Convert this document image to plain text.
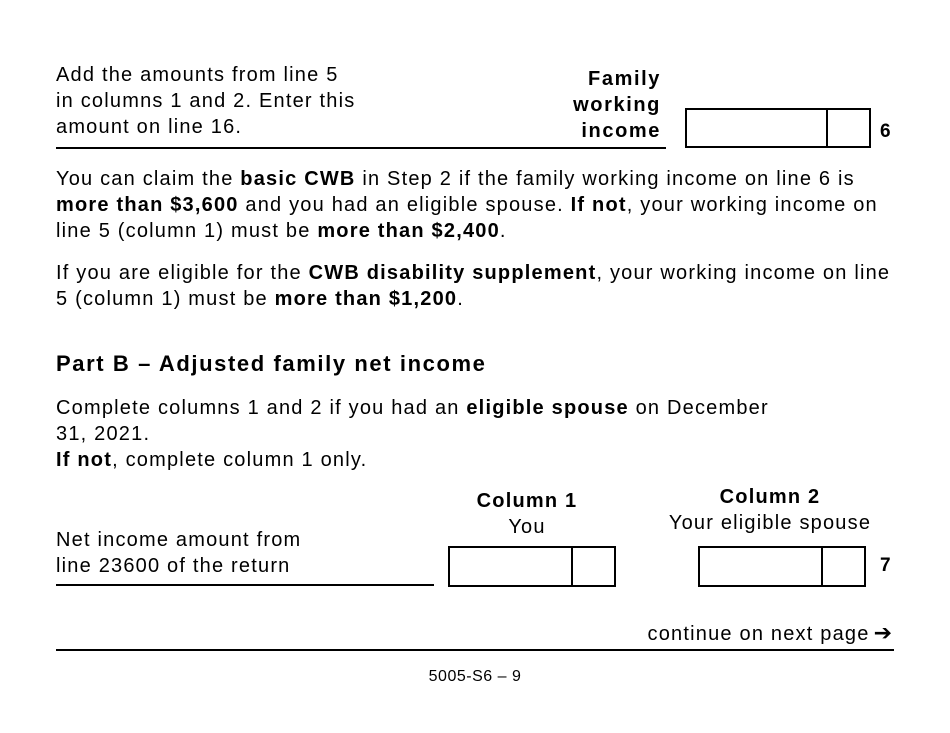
Add the amounts from line 5
in columns 1 and 2. Enter this
amount on line 16.
Family
working
income	6
You can claim the basic CWB in Step 2 if the family working income on line 6 is more than $3,600 and you had an eligible spouse. If not, your working income on line 5 (column 1) must be more than $2,400.
If you are eligible for the CWB disability supplement, your working income on line 5 (column 1) must be more than $1,200.
Part B – Adjusted family net income
Complete columns 1 and 2 if you had an eligible spouse on December 31, 2021.
If not, complete column 1 only.
Column 1
You
Column 2
Your eligible spouse
Net income amount from
line 23600 of the return	7
continue on next page ➔
5005-S6 – 9
